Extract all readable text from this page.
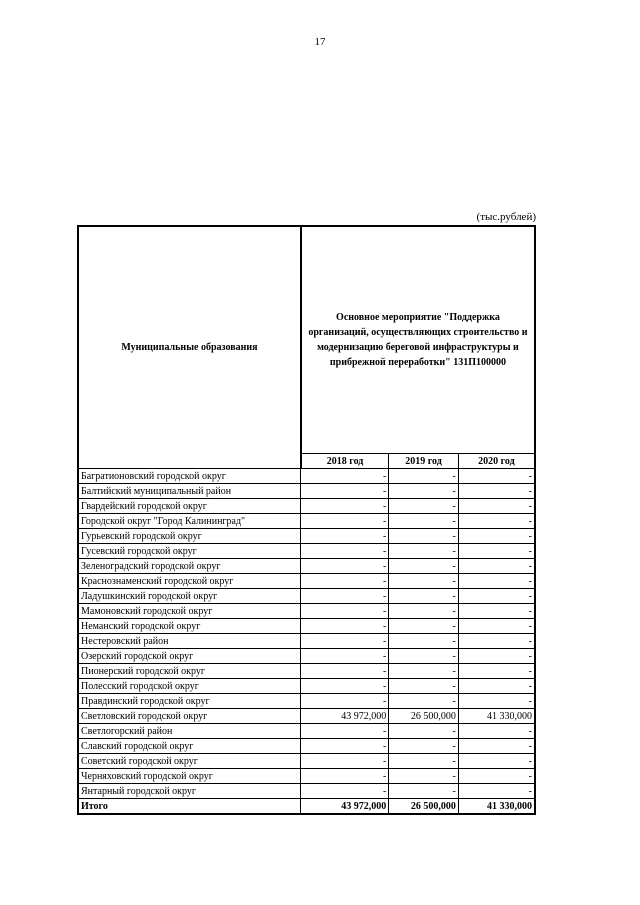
17
(тыс.рублей)
Муниципальные образования	Основное мероприятие "Поддержка организаций, осуществляющих строительство и модернизацию береговой инфраструктуры и прибрежной переработки" 131П100000		
	2018 год	2019 год	2020 год
Багратионовский городской округ	-	-	-
Балтийский муниципальный район	-	-	-
Гвардейский городской округ	-	-	-
Городской округ "Город Калининград"	-	-	-
Гурьевский городской округ	-	-	-
Гусевский городской округ	-	-	-
Зеленоградский городской округ	-	-	-
Краснознаменский городской округ	-	-	-
Ладушкинский городской округ	-	-	-
Мамоновский городской округ	-	-	-
Неманский городской округ	-	-	-
Нестеровский район	-	-	-
Озерский городской округ	-	-	-
Пионерский городской округ	-	-	-
Полесский городской округ	-	-	-
Правдинский городской округ	-	-	-
Светловский городской округ	43 972,000	26 500,000	41 330,000
Светлогорский район	-	-	-
Славский городской округ	-	-	-
Советский городской округ	-	-	-
Черняховский городской округ	-	-	-
Янтарный городской округ	-	-	-
Итого	43 972,000	26 500,000	41 330,000
